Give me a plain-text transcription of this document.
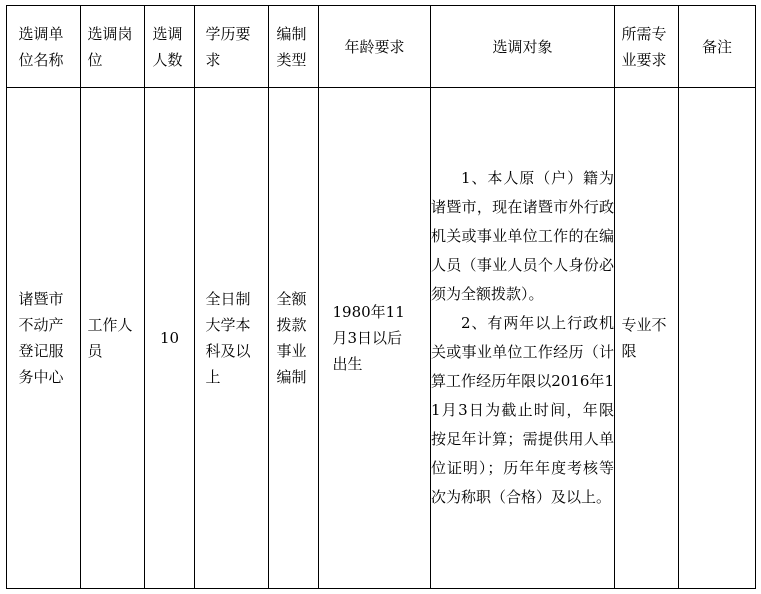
选调单位名称	选调岗位	选调人数	学历要求	编制类型	年龄要求	选调对象	所需专业要求	备注
诸暨市不动产登记服务中心	工作人员	10	全日制大学本科及以上	全额拨款事业编制	1980年11月3日以后出生	1、本人原（户）籍为诸暨市，现在诸暨市外行政机关或事业单位工作的在编人员（事业人员个人身份必须为全额拨款）。
2、有两年以上行政机关或事业单位工作经历（计算工作经历年限以2016年11月3日为截止时间，年限按足年计算；需提供用人单位证明）；历年年度考核等次为称职（合格）及以上。	专业不限	
